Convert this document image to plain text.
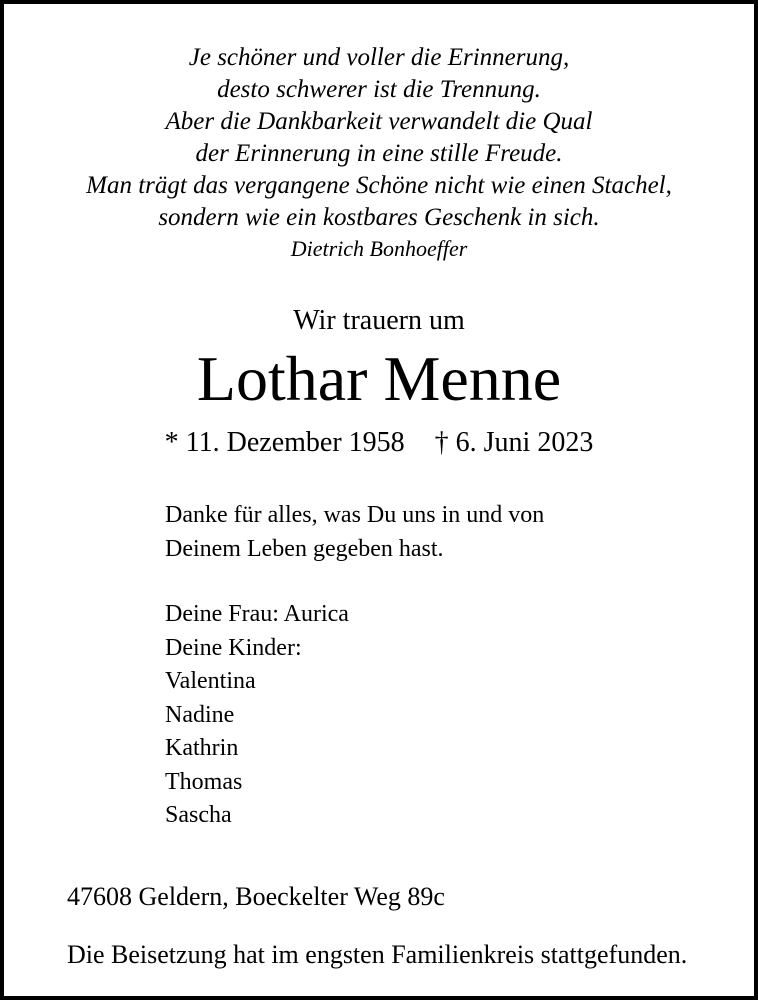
Je schöner und voller die Erinnerung,
desto schwerer ist die Trennung.
Aber die Dankbarkeit verwandelt die Qual
der Erinnerung in eine stille Freude.
Man trägt das vergangene Schöne nicht wie einen Stachel,
sondern wie ein kostbares Geschenk in sich.
Dietrich Bonhoeffer
Wir trauern um
Lothar Menne
* 11. Dezember 1958 † 6. Juni 2023
Danke für alles, was Du uns in und von
Deinem Leben gegeben hast.
Deine Frau: Aurica
Deine Kinder:
Valentina
Nadine
Kathrin
Thomas
Sascha
47608 Geldern, Boeckelter Weg 89c
Die Beisetzung hat im engsten Familienkreis stattgefunden.
